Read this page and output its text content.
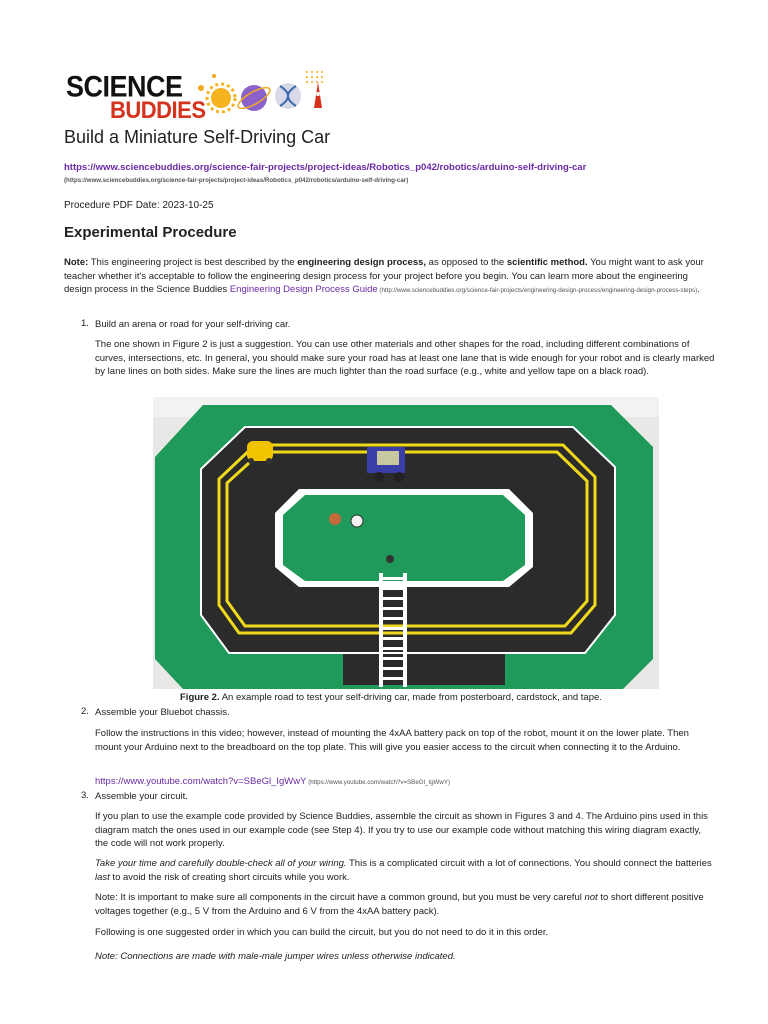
SCIENCE
BUDDIES
Build a Miniature Self-Driving Car
https://www.sciencebuddies.org/science-fair-projects/project-ideas/Robotics_p042/robotics/arduino-self-driving-car
(https://www.sciencebuddies.org/science-fair-projects/project-ideas/Robotics_p042/robotics/arduino-self-driving-car)
Procedure PDF Date: 2023-10-25
Experimental Procedure
Note: This engineering project is best described by the engineering design process, as opposed to the scientific method. You might want to ask your teacher whether it's acceptable to follow the engineering design process for your project before you begin. You can learn more about the engineering design process in the Science Buddies Engineering Design Process Guide (http://www.sciencebuddies.org/science-fair-projects/engineering-design-process/engineering-design-process-steps).
1. Build an arena or road for your self-driving car.
The one shown in Figure 2 is just a suggestion. You can use other materials and other shapes for the road, including different combinations of curves, intersections, etc. In general, you should make sure your road has at least one lane that is wide enough for your robot and is clearly marked by lane lines on both sides. Make sure the lines are much lighter than the road surface (e.g., white and yellow tape on a black road).
Figure 2. An example road to test your self-driving car, made from posterboard, cardstock, and tape.
2. Assemble your Bluebot chassis.
Follow the instructions in this video; however, instead of mounting the 4xAA battery pack on top of the robot, mount it on the lower plate. Then mount your Arduino next to the breadboard on the top plate. This will give you easier access to the circuit when connecting it to the Arduino.
https://www.youtube.com/watch?v=SBeGl_IgWwY (https://www.youtube.com/watch?v=SBeGl_IgWwY)
3. Assemble your circuit.
If you plan to use the example code provided by Science Buddies, assemble the circuit as shown in Figures 3 and 4. The Arduino pins used in this diagram match the ones used in our example code (see Step 4). If you try to use our example code without matching this wiring diagram exactly, the code will not work properly.
Take your time and carefully double-check all of your wiring. This is a complicated circuit with a lot of connections. You should connect the batteries last to avoid the risk of creating short circuits while you work.
Note: It is important to make sure all components in the circuit have a common ground, but you must be very careful not to short different positive voltages together (e.g., 5 V from the Arduino and 6 V from the 4xAA battery pack).
Following is one suggested order in which you can build the circuit, but you do not need to do it in this order.
Note: Connections are made with male-male jumper wires unless otherwise indicated.
